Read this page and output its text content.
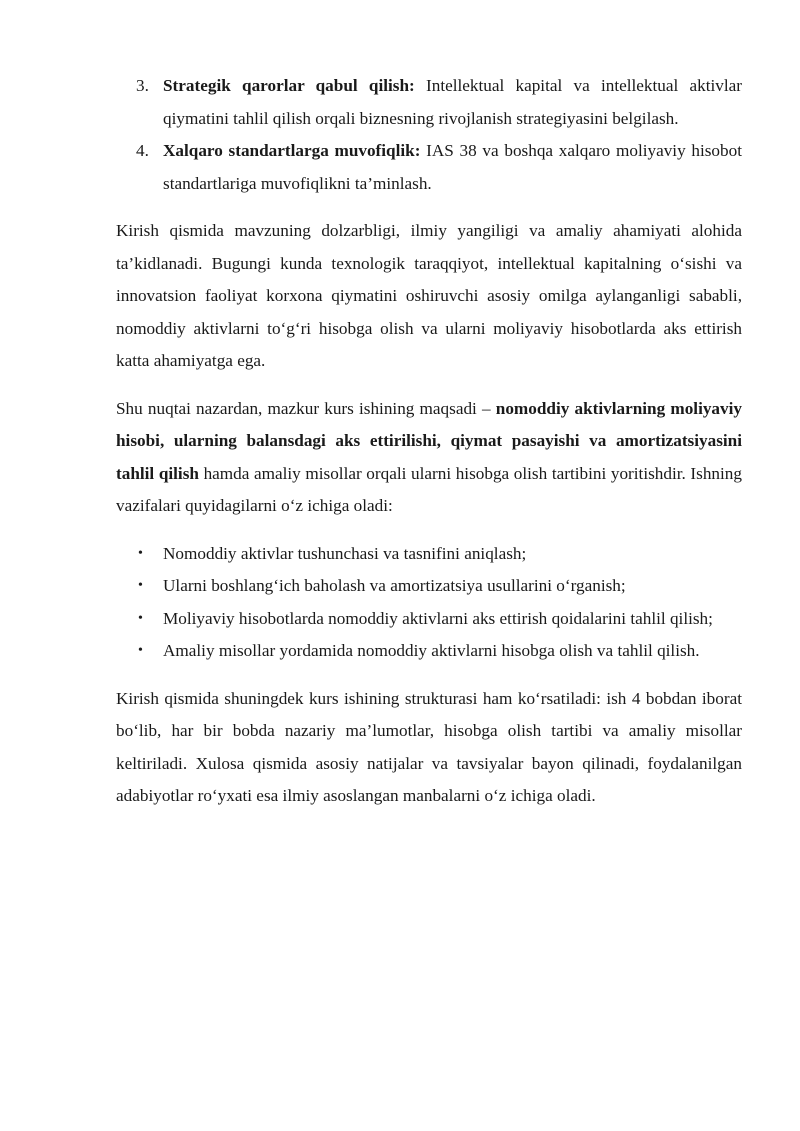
3. Strategik qarorlar qabul qilish: Intellektual kapital va intellektual aktivlar qiymatini tahlil qilish orqali biznesning rivojlanish strategiyasini belgilash.
4. Xalqaro standartlarga muvofiqlik: IAS 38 va boshqa xalqaro moliyaviy hisobot standartlariga muvofiqlikni ta’minlash.

Kirish qismida mavzuning dolzarbligi, ilmiy yangiligi va amaliy ahamiyati alohida ta’kidlanadi. Bugungi kunda texnologik taraqqiyot, intellektual kapitalning o‘sishi va innovatsion faoliyat korxona qiymatini oshiruvchi asosiy omilga aylanganligi sababli, nomoddiy aktivlarni to‘g‘ri hisobga olish va ularni moliyaviy hisobotlarda aks ettirish katta ahamiyatga ega.

Shu nuqtai nazardan, mazkur kurs ishining maqsadi – nomoddiy aktivlarning moliyaviy hisobi, ularning balansdagi aks ettirilishi, qiymat pasayishi va amortizatsiyasini tahlil qilish hamda amaliy misollar orqali ularni hisobga olish tartibini yoritishdir. Ishning vazifalari quyidagilarni o‘z ichiga oladi:

• Nomoddiy aktivlar tushunchasi va tasnifini aniqlash;
• Ularni boshlang‘ich baholash va amortizatsiya usullarini o‘rganish;
• Moliyaviy hisobotlarda nomoddiy aktivlarni aks ettirish qoidalarini tahlil qilish;
• Amaliy misollar yordamida nomoddiy aktivlarni hisobga olish va tahlil qilish.

Kirish qismida shuningdek kurs ishining strukturasi ham ko‘rsatiladi: ish 4 bobdan iborat bo‘lib, har bir bobda nazariy ma’lumotlar, hisobga olish tartibi va amaliy misollar keltiriladi. Xulosa qismida asosiy natijalar va tavsiyalar bayon qilinadi, foydalanilgan adabiyotlar ro‘yxati esa ilmiy asoslangan manbalarni o‘z ichiga oladi.
